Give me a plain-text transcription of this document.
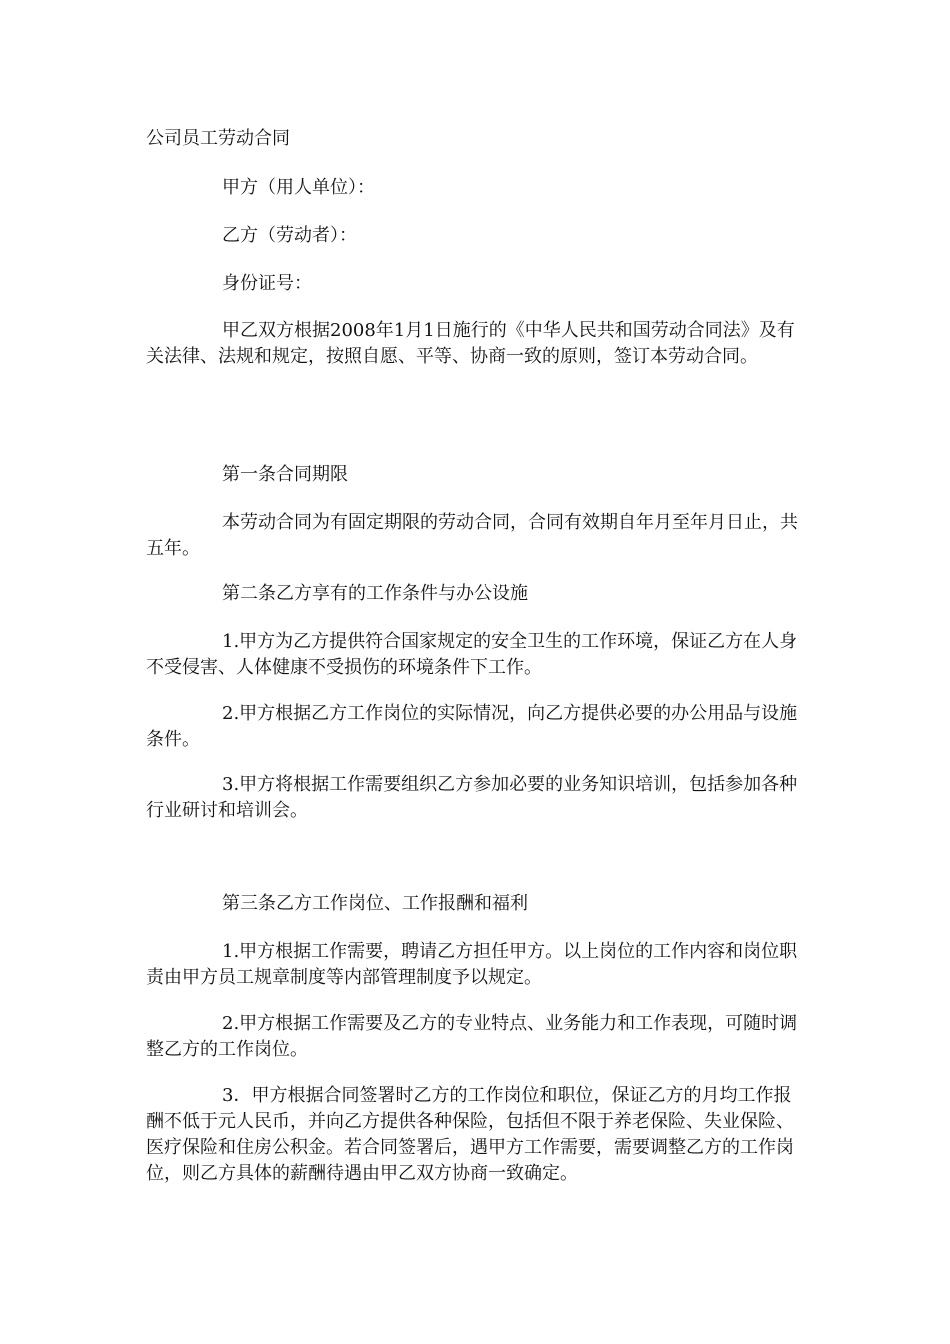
公司员工劳动合同

甲方（用人单位）：

乙方（劳动者）：

身份证号：

甲乙双方根据2008年1月1日施行的《中华人民共和国劳动合同法》及有关法律、法规和规定，按照自愿、平等、协商一致的原则，签订本劳动合同。

第一条合同期限

本劳动合同为有固定期限的劳动合同，合同有效期自年月至年月日止，共五年。

第二条乙方享有的工作条件与办公设施

1.甲方为乙方提供符合国家规定的安全卫生的工作环境，保证乙方在人身不受侵害、人体健康不受损伤的环境条件下工作。

2.甲方根据乙方工作岗位的实际情况，向乙方提供必要的办公用品与设施条件。

3.甲方将根据工作需要组织乙方参加必要的业务知识培训，包括参加各种行业研讨和培训会。

第三条乙方工作岗位、工作报酬和福利

1.甲方根据工作需要，聘请乙方担任甲方。以上岗位的工作内容和岗位职责由甲方员工规章制度等内部管理制度予以规定。

2.甲方根据工作需要及乙方的专业特点、业务能力和工作表现，可随时调整乙方的工作岗位。

3．甲方根据合同签署时乙方的工作岗位和职位，保证乙方的月均工作报酬不低于元人民币，并向乙方提供各种保险，包括但不限于养老保险、失业保险、医疗保险和住房公积金。若合同签署后，遇甲方工作需要，需要调整乙方的工作岗位，则乙方具体的薪酬待遇由甲乙双方协商一致确定。
